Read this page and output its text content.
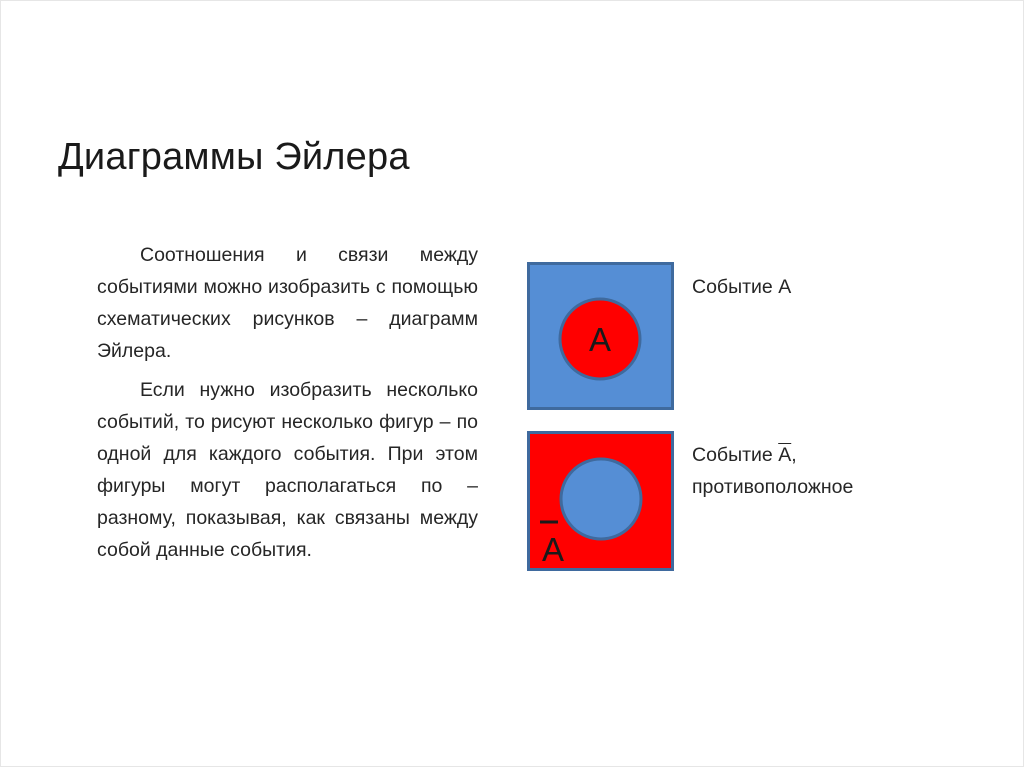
Диаграммы Эйлера

Соотношения и связи между событиями можно изобразить с помощью схематических рисунков – диаграмм Эйлера.

Если нужно изобразить несколько событий, то рисуют несколько фигур – по одной для каждого события. При этом фигуры могут располагаться по – разному, показывая, как связаны между собой данные события.

A
Событие А
A
Событие А,
противоположное
